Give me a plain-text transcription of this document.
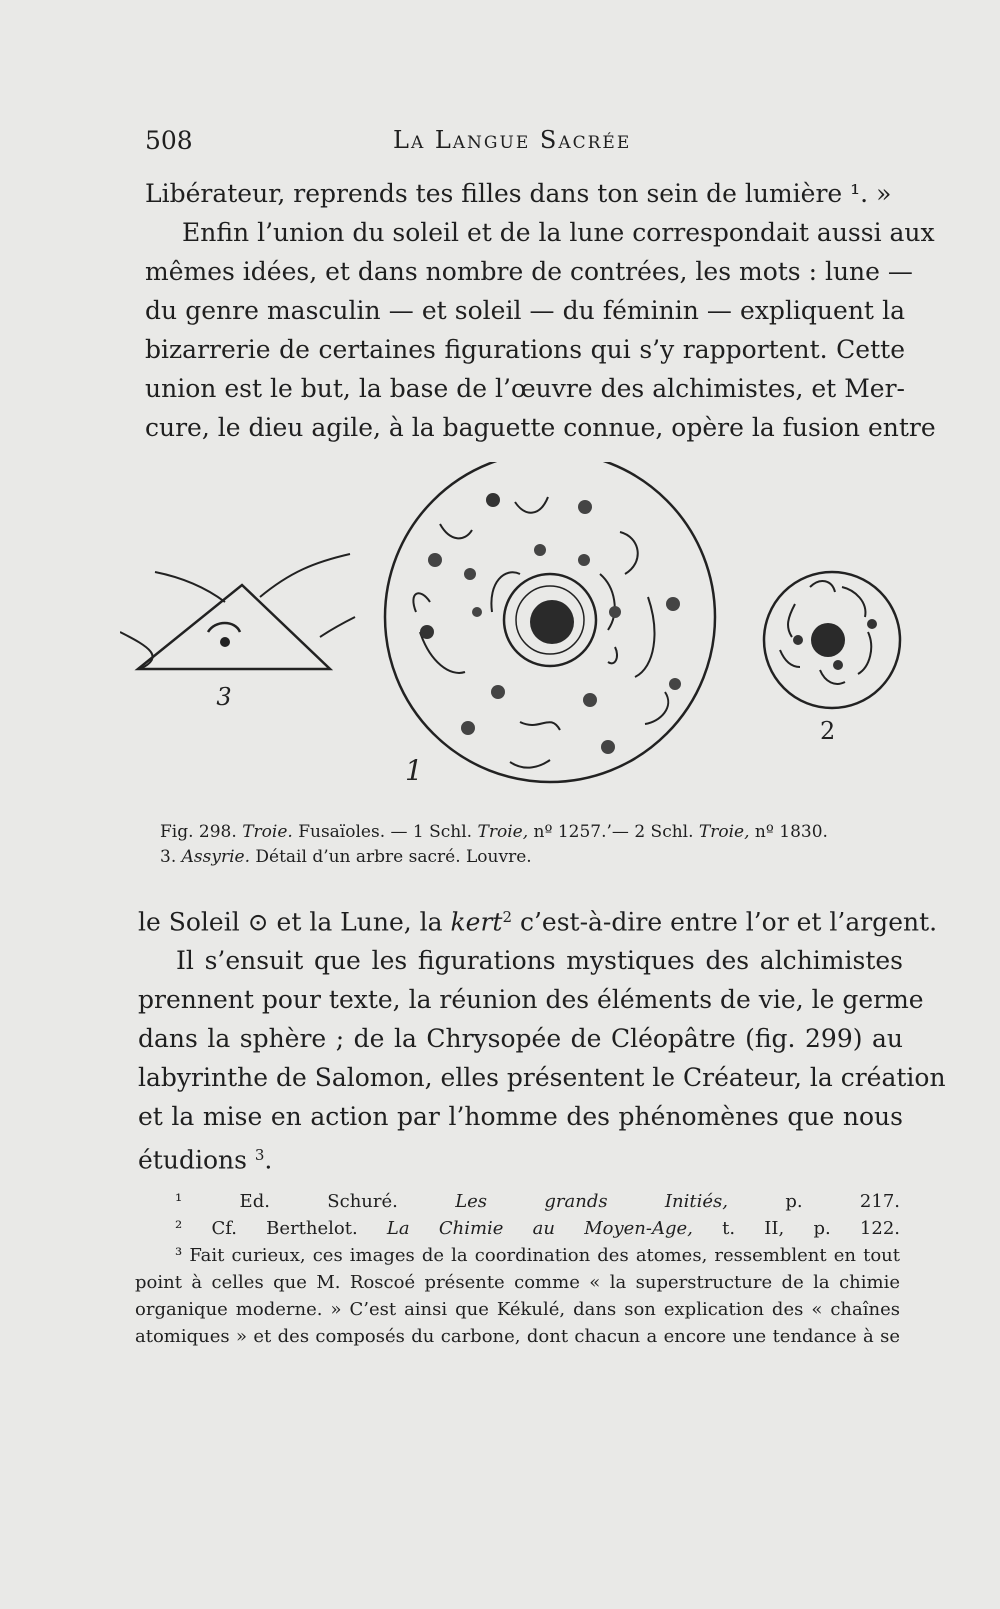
508	La Langue Sacrée

Libérateur, reprends tes filles dans ton sein de lumière ¹. »
Enfin l’union du soleil et de la lune correspondait aussi aux
mêmes idées, et dans nombre de contrées, les mots : lune —
du genre masculin — et soleil — du féminin — expliquent la
bizarrerie de certaines figurations qui s’y rapportent. Cette
union est le but, la base de l’œuvre des alchimistes, et Mer-
cure, le dieu agile, à la baguette connue, opère la fusion entre

3
1
2
Fig. 298. Troie. Fusaïoles. — 1 Schl. Troie, nº 1257.’— 2 Schl. Troie, nº 1830.
3. Assyrie. Détail d’un arbre sacré. Louvre.

le Soleil ⊙ et la Lune, la kert$^2$ c’est-à-dire entre l’or et l’argent.
Il s’ensuit que les figurations mystiques des alchimistes
prennent pour texte, la réunion des éléments de vie, le germe
dans la sphère ; de la Chrysopée de Cléopâtre (fig. 299) au
labyrinthe de Salomon, elles présentent le Créateur, la création
et la mise en action par l’homme des phénomènes que nous
étudions $^3$.

¹ Ed. Schuré. Les grands Initiés, p. 217.
² Cf. Berthelot. La Chimie au Moyen-Age, t. II, p. 122.
³ Fait curieux, ces images de la coordination des atomes, ressemblent en tout
point à celles que M. Roscoé présente comme « la superstructure de la chimie
organique moderne. » C’est ainsi que Kékulé, dans son explication des « chaînes
atomiques » et des composés du carbone, dont chacun a encore une tendance à se
